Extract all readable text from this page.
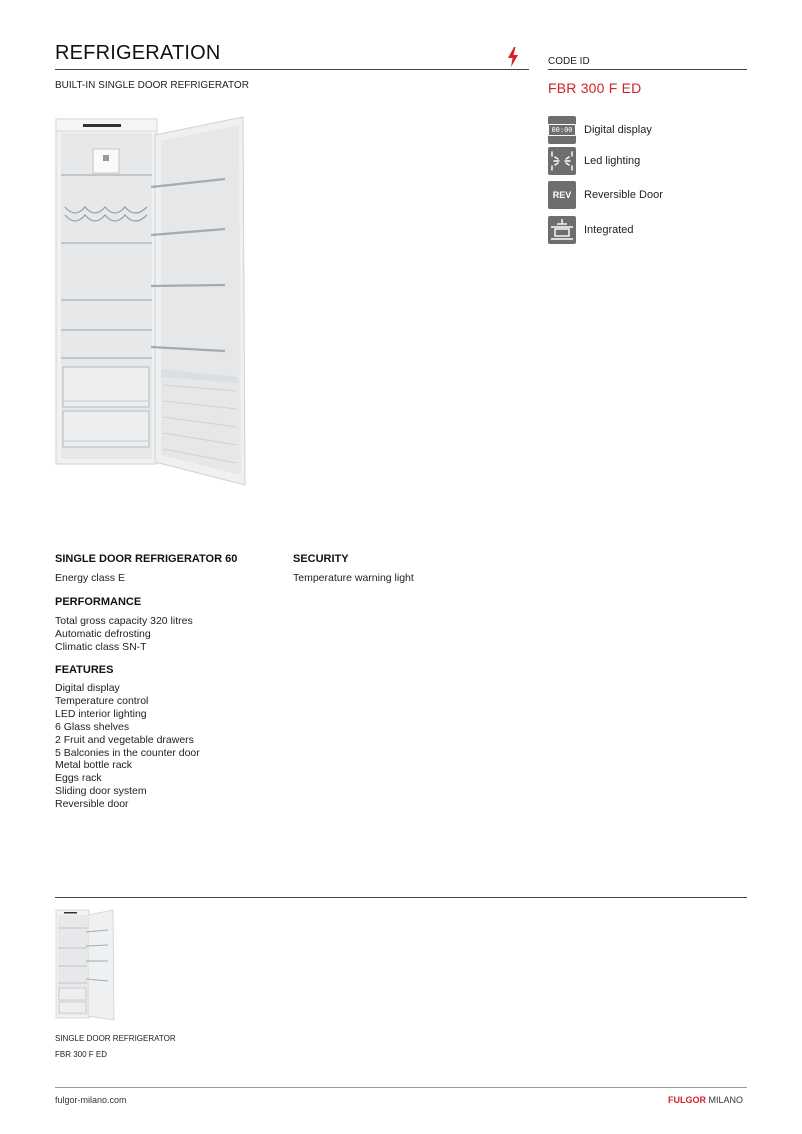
REFRIGERATION
BUILT-IN SINGLE DOOR REFRIGERATOR
CODE ID
FBR 300 F ED
00:00 Digital display
Led lighting
REV Reversible Door
Integrated
SINGLE DOOR REFRIGERATOR 60
Energy class E
PERFORMANCE
Total gross capacity 320 litres
Automatic defrosting
Climatic class SN-T
FEATURES
Digital display
Temperature control
LED interior lighting
6 Glass shelves
2 Fruit and vegetable drawers
5 Balconies in the counter door
Metal bottle rack
Eggs rack
Sliding door system
Reversible door
SECURITY
Temperature warning light
SINGLE DOOR REFRIGERATOR
FBR 300 F ED
fulgor-milano.com	FULGOR MILANO
